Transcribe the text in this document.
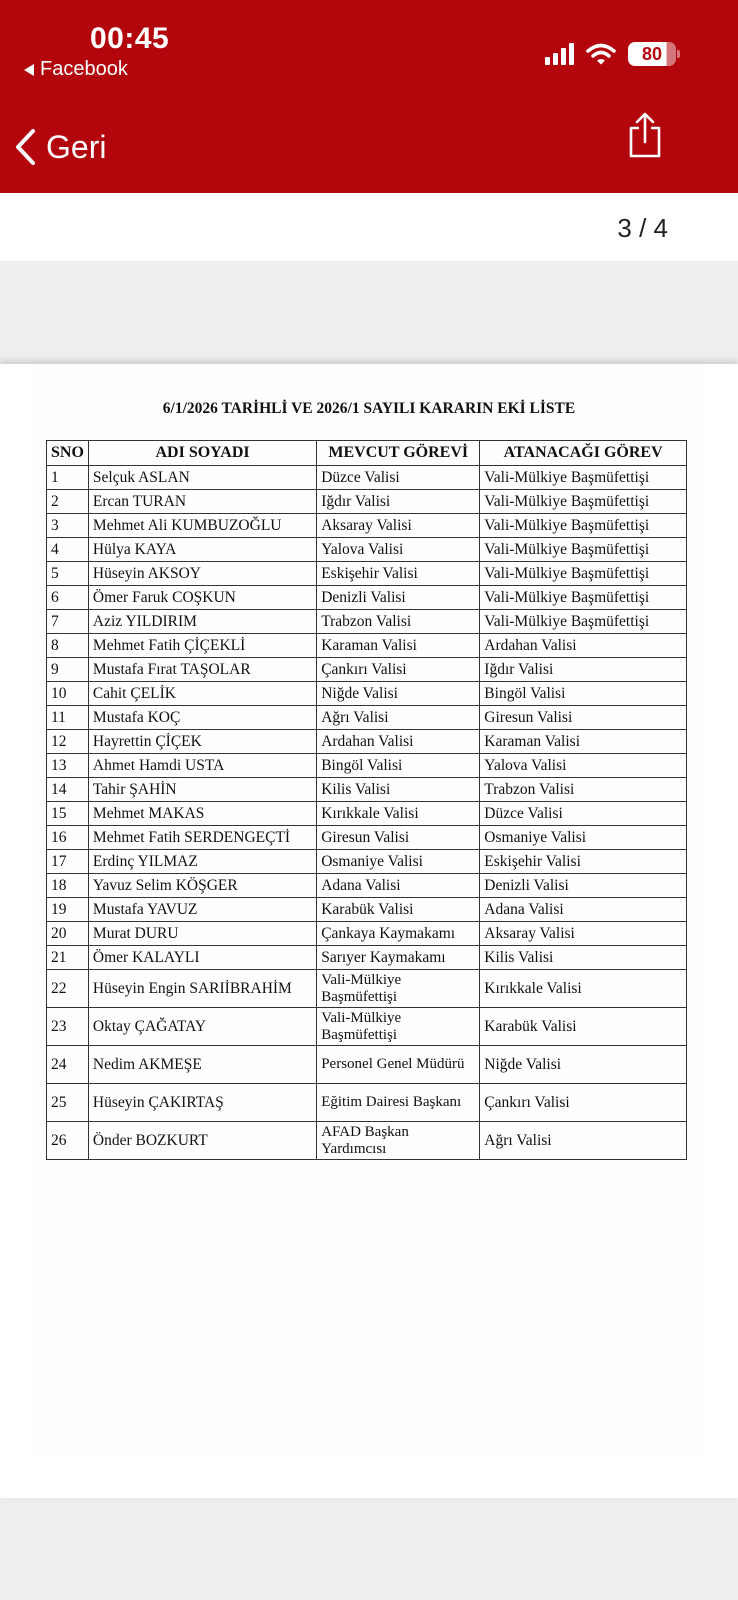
00:45
Facebook
80
Geri
3 / 4
6/1/2026 TARİHLİ VE 2026/1 SAYILI KARARIN EKİ LİSTE
SNO	ADI SOYADI	MEVCUT GÖREVİ	ATANACAĞI GÖREV
1	Selçuk ASLAN	Düzce Valisi	Vali-Mülkiye Başmüfettişi
2	Ercan TURAN	Iğdır Valisi	Vali-Mülkiye Başmüfettişi
3	Mehmet Ali KUMBUZOĞLU	Aksaray Valisi	Vali-Mülkiye Başmüfettişi
4	Hülya KAYA	Yalova Valisi	Vali-Mülkiye Başmüfettişi
5	Hüseyin AKSOY	Eskişehir Valisi	Vali-Mülkiye Başmüfettişi
6	Ömer Faruk COŞKUN	Denizli Valisi	Vali-Mülkiye Başmüfettişi
7	Aziz YILDIRIM	Trabzon Valisi	Vali-Mülkiye Başmüfettişi
8	Mehmet Fatih ÇİÇEKLİ	Karaman Valisi	Ardahan Valisi
9	Mustafa Fırat TAŞOLAR	Çankırı Valisi	Iğdır Valisi
10	Cahit ÇELİK	Niğde Valisi	Bingöl Valisi
11	Mustafa KOÇ	Ağrı Valisi	Giresun Valisi
12	Hayrettin ÇİÇEK	Ardahan Valisi	Karaman Valisi
13	Ahmet Hamdi USTA	Bingöl Valisi	Yalova Valisi
14	Tahir ŞAHİN	Kilis Valisi	Trabzon Valisi
15	Mehmet MAKAS	Kırıkkale Valisi	Düzce Valisi
16	Mehmet Fatih SERDENGEÇTİ	Giresun Valisi	Osmaniye Valisi
17	Erdinç YILMAZ	Osmaniye Valisi	Eskişehir Valisi
18	Yavuz Selim KÖŞGER	Adana Valisi	Denizli Valisi
19	Mustafa YAVUZ	Karabük Valisi	Adana Valisi
20	Murat DURU	Çankaya Kaymakamı	Aksaray Valisi
21	Ömer KALAYLI	Sarıyer Kaymakamı	Kilis Valisi
22	Hüseyin Engin SARIİBRAHİM	Vali-Mülkiye Başmüfettişi	Kırıkkale Valisi
23	Oktay ÇAĞATAY	Vali-Mülkiye Başmüfettişi	Karabük Valisi
24	Nedim AKMEŞE	Personel Genel Müdürü	Niğde Valisi
25	Hüseyin ÇAKIRTAŞ	Eğitim Dairesi Başkanı	Çankırı Valisi
26	Önder BOZKURT	AFAD Başkan Yardımcısı	Ağrı Valisi
